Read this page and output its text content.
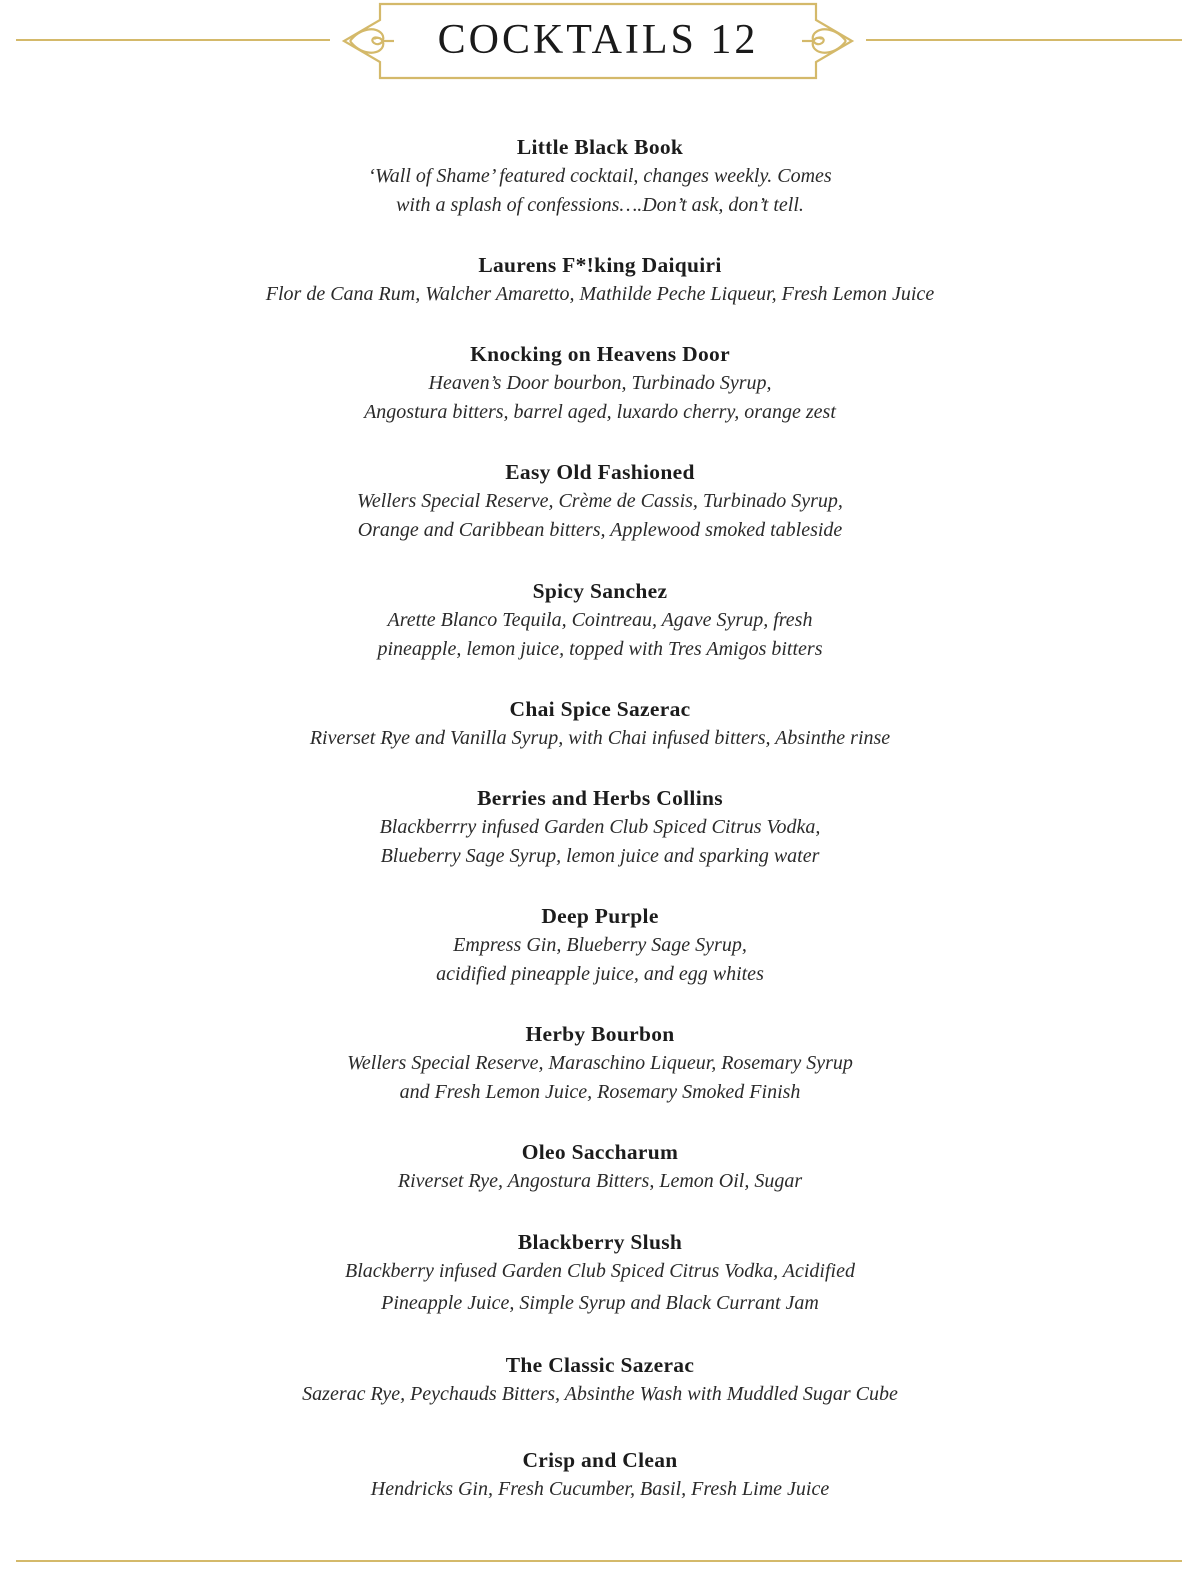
COCKTAILS 12
Little Black Book
‘Wall of Shame’ featured cocktail, changes weekly. Comes
with a splash of confessions….Don’t ask, don’t tell.
Laurens F*!king Daiquiri
Flor de Cana Rum, Walcher Amaretto, Mathilde Peche Liqueur, Fresh Lemon Juice
Knocking on Heavens Door
Heaven’s Door bourbon, Turbinado Syrup,
Angostura bitters, barrel aged, luxardo cherry, orange zest
Easy Old Fashioned
Wellers Special Reserve, Crème de Cassis, Turbinado Syrup,
Orange and Caribbean bitters, Applewood smoked tableside
Spicy Sanchez
Arette Blanco Tequila, Cointreau, Agave Syrup, fresh
pineapple, lemon juice, topped with Tres Amigos bitters
Chai Spice Sazerac
Riverset Rye and Vanilla Syrup, with Chai infused bitters, Absinthe rinse
Berries and Herbs Collins
Blackberrry infused Garden Club Spiced Citrus Vodka,
Blueberry Sage Syrup, lemon juice and sparking water
Deep Purple
Empress Gin, Blueberry Sage Syrup,
acidified pineapple juice, and egg whites
Herby Bourbon
Wellers Special Reserve, Maraschino Liqueur, Rosemary Syrup
and Fresh Lemon Juice, Rosemary Smoked Finish
Oleo Saccharum
Riverset Rye, Angostura Bitters, Lemon Oil, Sugar
Blackberry Slush
Blackberry infused Garden Club Spiced Citrus Vodka, Acidified
Pineapple Juice, Simple Syrup and Black Currant Jam
The Classic Sazerac
Sazerac Rye, Peychauds Bitters, Absinthe Wash with Muddled Sugar Cube
Crisp and Clean
Hendricks Gin, Fresh Cucumber, Basil, Fresh Lime Juice
